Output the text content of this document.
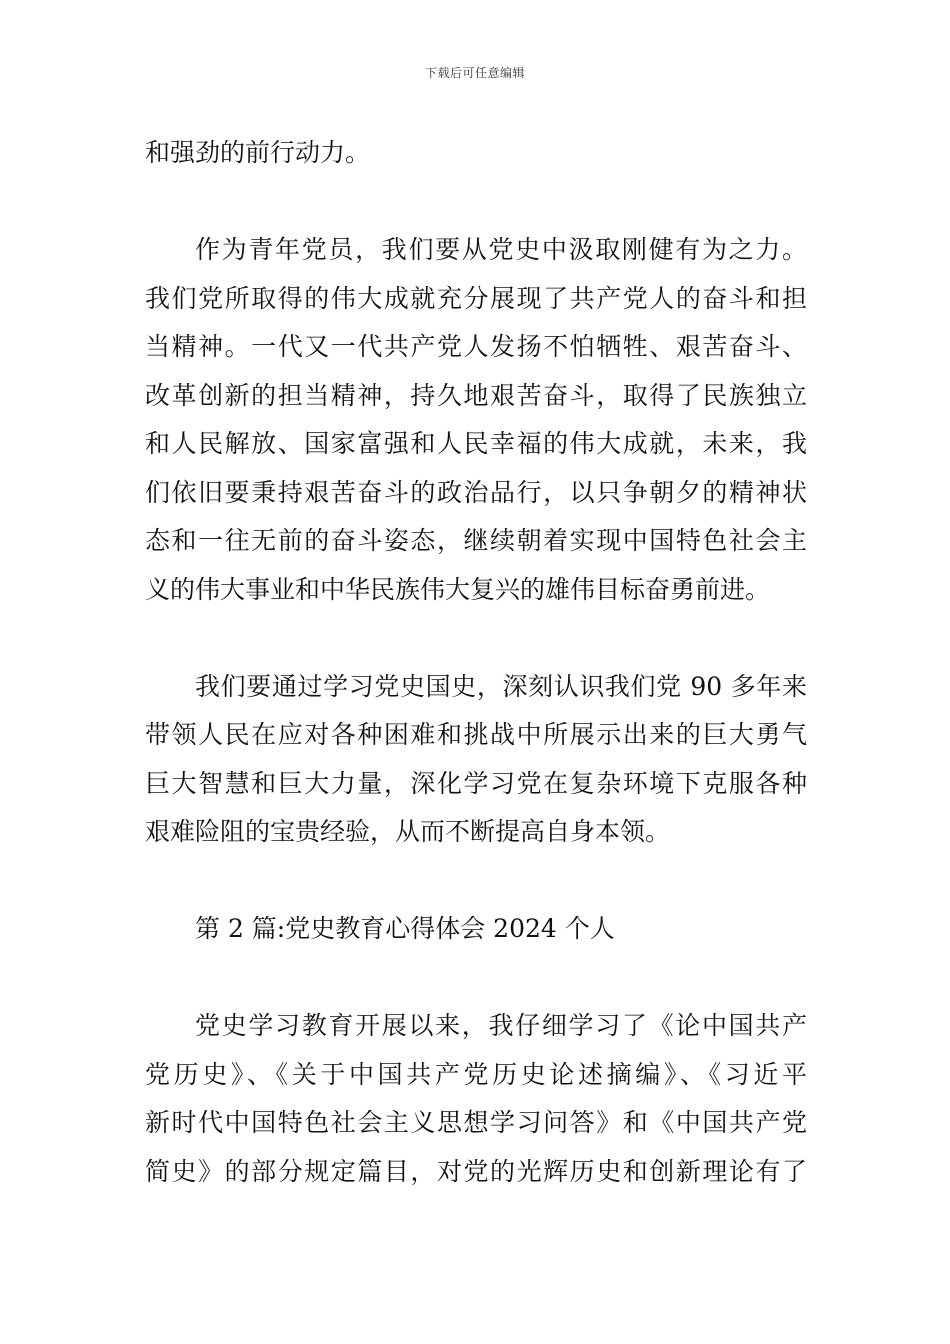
下载后可任意编辑
和强劲的前行动力。
作为青年党员，我们要从党史中汲取刚健有为之力。
我们党所取得的伟大成就充分展现了共产党人的奋斗和担
当精神。一代又一代共产党人发扬不怕牺牲、艰苦奋斗、
改革创新的担当精神，持久地艰苦奋斗，取得了民族独立
和人民解放、国家富强和人民幸福的伟大成就，未来，我
们依旧要秉持艰苦奋斗的政治品行，以只争朝夕的精神状
态和一往无前的奋斗姿态，继续朝着实现中国特色社会主
义的伟大事业和中华民族伟大复兴的雄伟目标奋勇前进。
我们要通过学习党史国史，深刻认识我们党 90 多年来
带领人民在应对各种困难和挑战中所展示出来的巨大勇气
巨大智慧和巨大力量，深化学习党在复杂环境下克服各种
艰难险阻的宝贵经验，从而不断提高自身本领。
第 2 篇:党史教育心得体会 2024 个人
党史学习教育开展以来，我仔细学习了《论中国共产
党历史》、《关于中国共产党历史论述摘编》、《习近平
新时代中国特色社会主义思想学习问答》和《中国共产党
简史》的部分规定篇目，对党的光辉历史和创新理论有了
